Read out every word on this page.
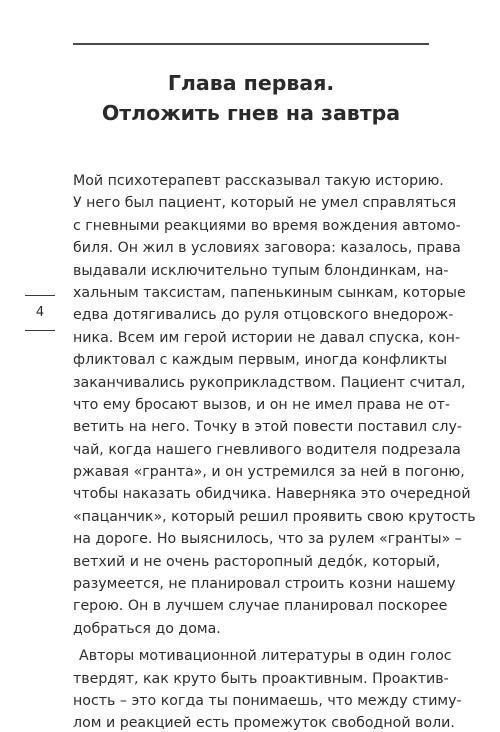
Глава первая.
Отложить гнев на завтра
4
Мой психотерапевт рассказывал такую историю.
У него был пациент, который не умел справляться
с гневными реакциями во время вождения автомо-
биля. Он жил в условиях заговора: казалось, права
выдавали исключительно тупым блондинкам, на-
хальным таксистам, папенькиным сынкам, которые
едва дотягивались до руля отцовского внедорож-
ника. Всем им герой истории не давал спуска, кон-
фликтовал с каждым первым, иногда конфликты
заканчивались рукоприкладством. Пациент считал,
что ему бросают вызов, и он не имел права не от-
ветить на него. Точку в этой повести поставил слу-
чай, когда нашего гневливого водителя подрезала
ржавая «гранта», и он устремился за ней в погоню,
чтобы наказать обидчика. Наверняка это очередной
«пацанчик», который решил проявить свою крутость
на дороге. Но выяснилось, что за рулем «гранты» –
ветхий и не очень расторопный дедо́к, который,
разумеется, не планировал строить козни нашему
герою. Он в лучшем случае планировал поскорее
добраться до дома.
Авторы мотивационной литературы в один голос
твердят, как круто быть проактивным. Проактив-
ность – это когда ты понимаешь, что между стиму-
лом и реакцией есть промежуток свободной воли.
